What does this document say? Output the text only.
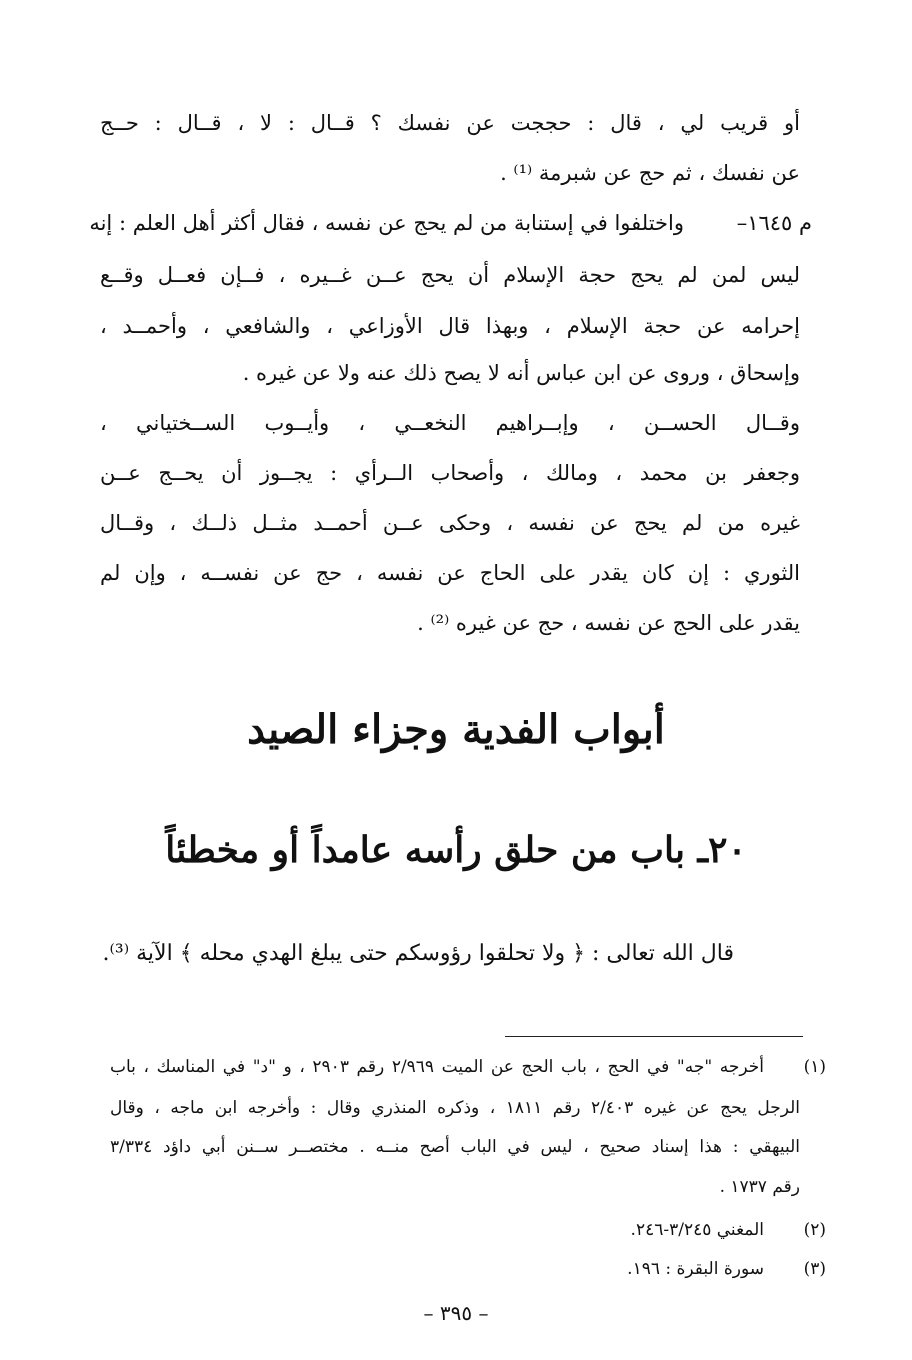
أو قريب لي ، قال : حججت عن نفسك ؟ قــال : لا ، قــال : حــج
عن نفسك ، ثم حج عن شبرمة ⁽¹⁾ .
م ١٦٤٥–
واختلفوا في إستنابة من لم يحج عن نفسه ، فقال أكثر أهل العلم : إنه
ليس لمن لم يحج حجة الإسلام أن يحج عــن غــيره ، فــإن فعــل وقــع
إحرامه عن حجة الإسلام ، وبهذا قال الأوزاعي ، والشافعي ، وأحمــد ،
وإسحاق ، وروى عن ابن عباس أنه لا يصح ذلك عنه ولا عن غيره .
وقــال الحســن ، وإبــراهيم النخعــي ، وأيــوب الســختياني ،
وجعفر بن محمد ، ومالك ، وأصحاب الــرأي : يجــوز أن يحــج عــن
غيره من لم يحج عن نفسه ، وحكى عــن أحمــد مثــل ذلــك ، وقــال
الثوري : إن كان يقدر على الحاج عن نفسه ، حج عن نفســه ، وإن لم
يقدر على الحج عن نفسه ، حج عن غيره ⁽²⁾ .
أبواب الفدية وجزاء الصيد
٢٠ـ باب من حلق رأسه عامداً أو مخطئاً
قال الله تعالى : ﴿ ولا تحلقوا رؤوسكم حتى يبلغ الهدي محله ﴾ الآية ⁽³⁾.
(١)
أخرجه "جه" في الحج ، باب الحج عن الميت ٢/٩٦٩ رقم ٢٩٠٣ ، و "د" في المناسك ، باب
الرجل يحج عن غيره ٢/٤٠٣ رقم ١٨١١ ، وذكره المنذري وقال : وأخرجه ابن ماجه ، وقال
البيهقي : هذا إسناد صحيح ، ليس في الباب أصح منــه . مختصــر ســنن أبي داؤد ٣/٣٣٤
رقم ١٧٣٧ .
(٢)
المغني ٣/٢٤٥-٢٤٦.
(٣)
سورة البقرة : ١٩٦.
– ٣٩٥ –
